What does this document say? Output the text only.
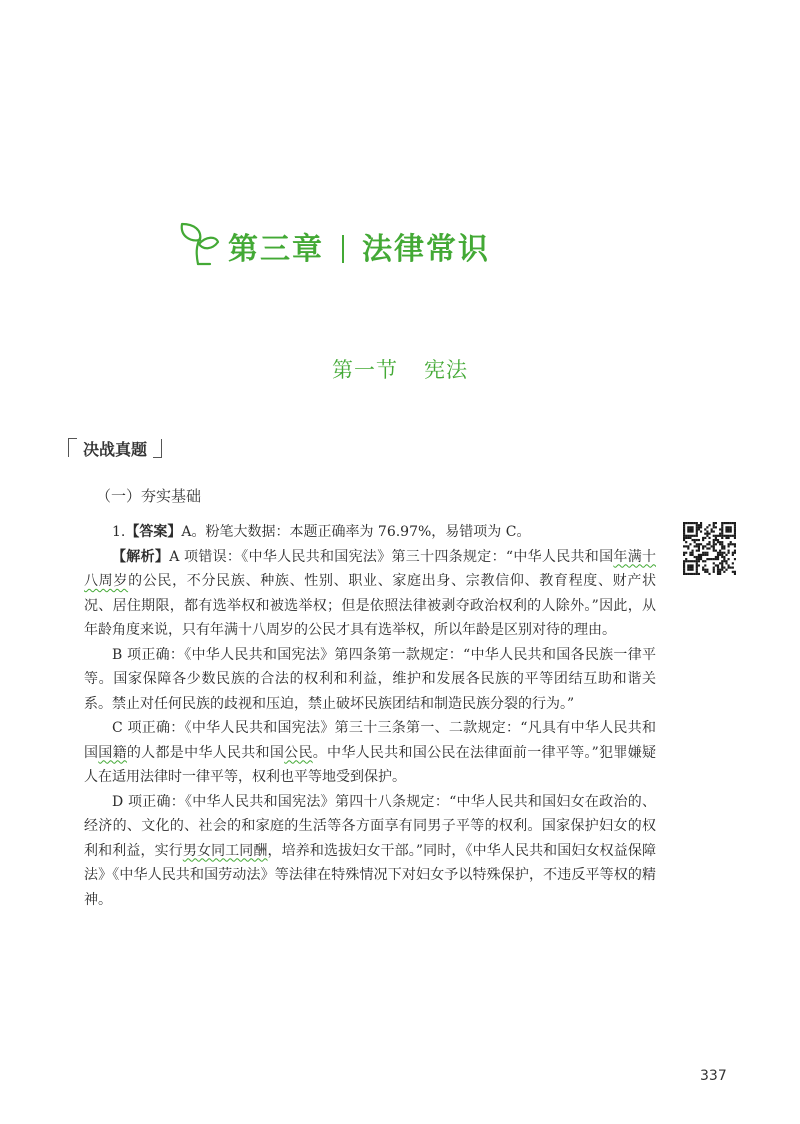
第三章 法律常识
第一节 宪法
决战真题
（一）夯实基础

1.【答案】A。粉笔大数据：本题正确率为 76.97%，易错项为 C。

【解析】A 项错误：《中华人民共和国宪法》第三十四条规定：“中华人民共和国年满十八周岁的公民，不分民族、种族、性别、职业、家庭出身、宗教信仰、教育程度、财产状况、居住期限，都有选举权和被选举权；但是依照法律被剥夺政治权利的人除外。”因此，从年龄角度来说，只有年满十八周岁的公民才具有选举权，所以年龄是区别对待的理由。

B 项正确：《中华人民共和国宪法》第四条第一款规定：“中华人民共和国各民族一律平等。国家保障各少数民族的合法的权利和利益，维护和发展各民族的平等团结互助和谐关系。禁止对任何民族的歧视和压迫，禁止破坏民族团结和制造民族分裂的行为。”

C 项正确：《中华人民共和国宪法》第三十三条第一、二款规定：“凡具有中华人民共和国国籍的人都是中华人民共和国公民。中华人民共和国公民在法律面前一律平等。”犯罪嫌疑人在适用法律时一律平等，权利也平等地受到保护。

D 项正确：《中华人民共和国宪法》第四十八条规定：“中华人民共和国妇女在政治的、经济的、文化的、社会的和家庭的生活等各方面享有同男子平等的权利。国家保护妇女的权利和利益，实行男女同工同酬，培养和选拔妇女干部。”同时，《中华人民共和国妇女权益保障法》《中华人民共和国劳动法》等法律在特殊情况下对妇女予以特殊保护，不违反平等权的精神。

337
